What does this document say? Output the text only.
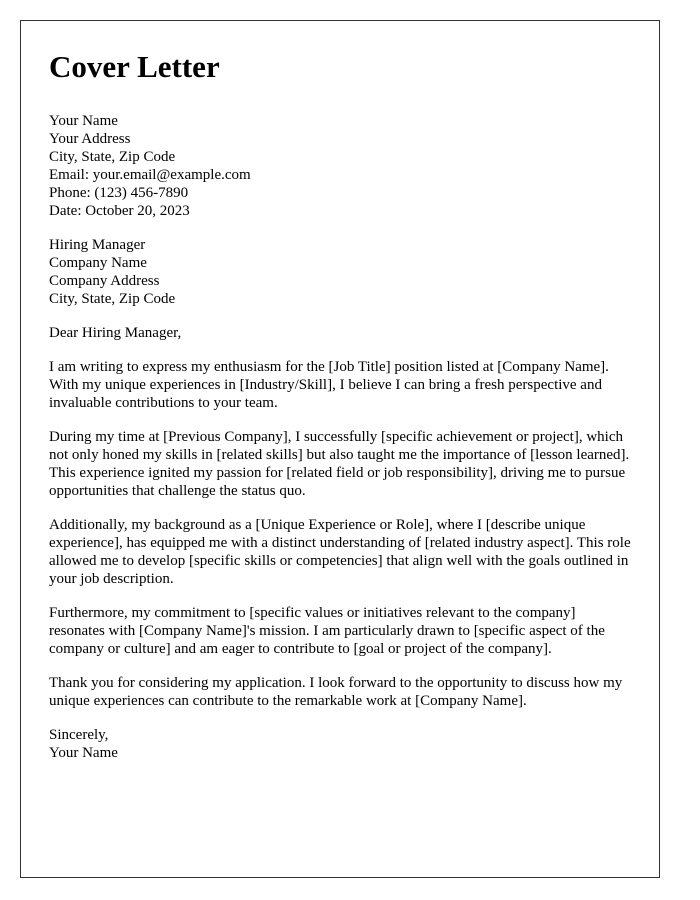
Cover Letter
Your Name
Your Address
City, State, Zip Code
Email: your.email@example.com
Phone: (123) 456-7890
Date: October 20, 2023
Hiring Manager
Company Name
Company Address
City, State, Zip Code

Dear Hiring Manager,

I am writing to express my enthusiasm for the [Job Title] position listed at [Company Name]. With my unique experiences in [Industry/Skill], I believe I can bring a fresh perspective and invaluable contributions to your team.

During my time at [Previous Company], I successfully [specific achievement or project], which not only honed my skills in [related skills] but also taught me the importance of [lesson learned]. This experience ignited my passion for [related field or job responsibility], driving me to pursue opportunities that challenge the status quo.

Additionally, my background as a [Unique Experience or Role], where I [describe unique experience], has equipped me with a distinct understanding of [related industry aspect]. This role allowed me to develop [specific skills or competencies] that align well with the goals outlined in your job description.

Furthermore, my commitment to [specific values or initiatives relevant to the company] resonates with [Company Name]'s mission. I am particularly drawn to [specific aspect of the company or culture] and am eager to contribute to [goal or project of the company].

Thank you for considering my application. I look forward to the opportunity to discuss how my unique experiences can contribute to the remarkable work at [Company Name].

Sincerely,
Your Name
